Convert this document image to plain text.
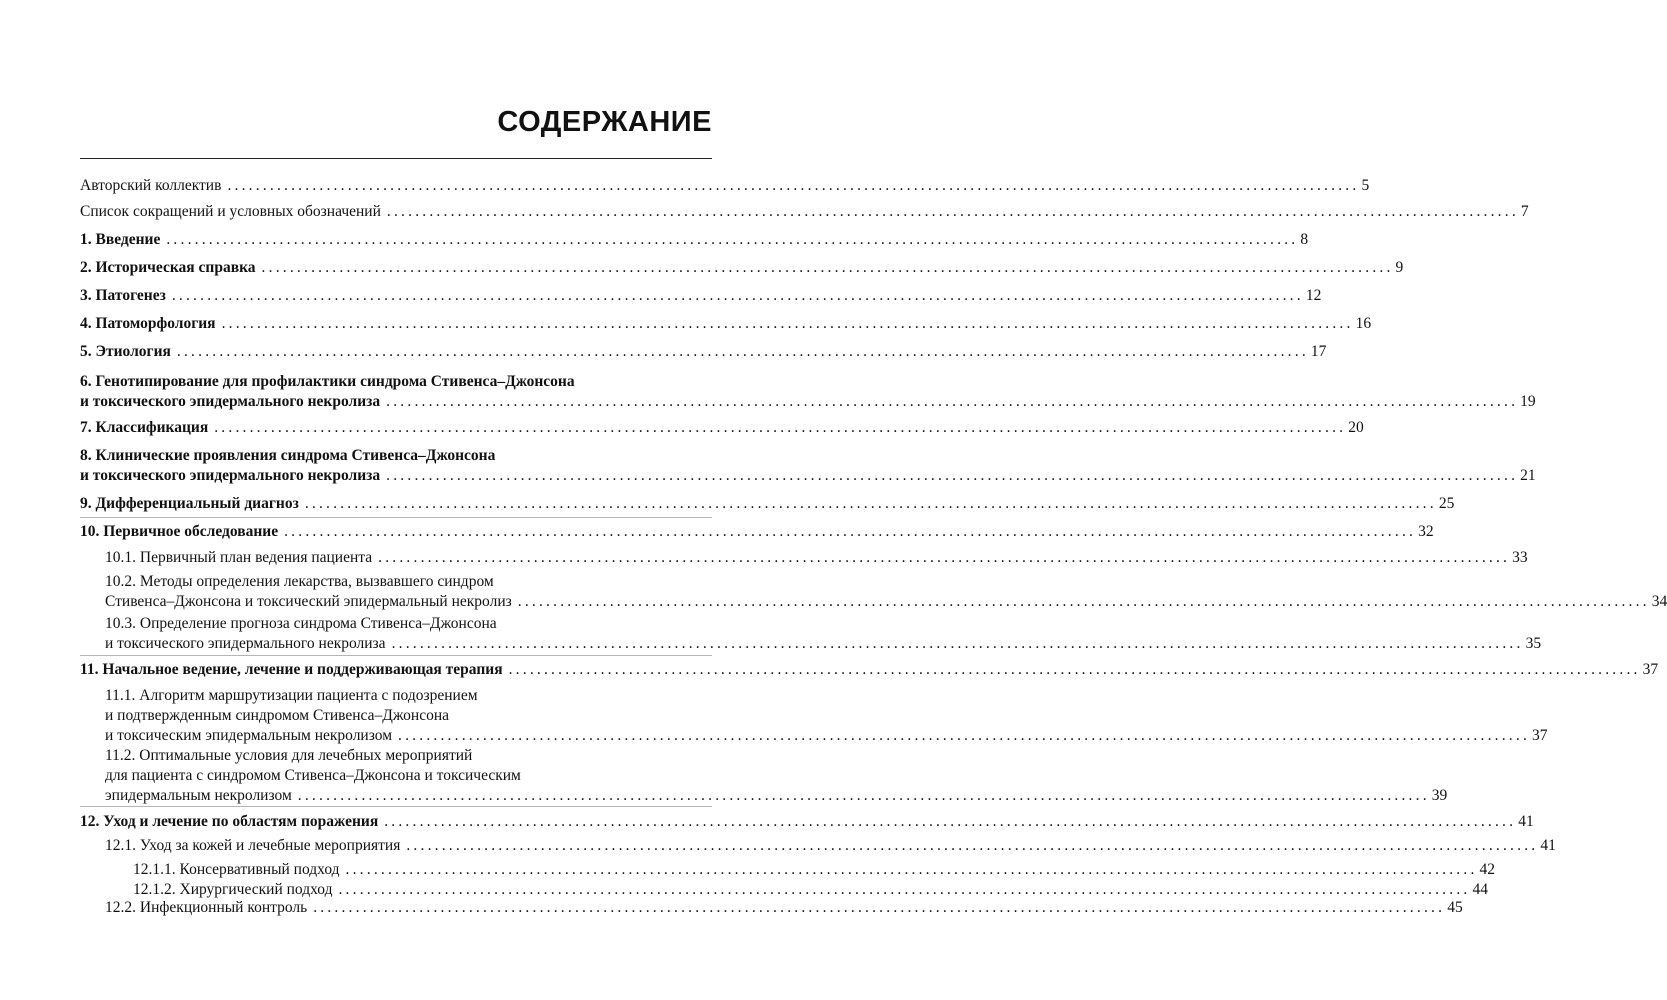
СОДЕРЖАНИЕ
Авторский коллектив ................................................................................................................................................................ 5
Список сокращений и условных обозначений ................................................................................................................................................................ 7
1. Введение ................................................................................................................................................................ 8
2. Историческая справка ................................................................................................................................................................ 9
3. Патогенез ................................................................................................................................................................ 12
4. Патоморфология ................................................................................................................................................................ 16
5. Этиология ................................................................................................................................................................ 17
6. Генотипирование для профилактики синдрома Стивенса–Джонсона
и токсического эпидермального некролиза ................................................................................................................................................................ 19
7. Классификация ................................................................................................................................................................ 20
8. Клинические проявления синдрома Стивенса–Джонсона
и токсического эпидермального некролиза ................................................................................................................................................................ 21
9. Дифференциальный диагноз ................................................................................................................................................................ 25
10. Первичное обследование ................................................................................................................................................................ 32
10.1. Первичный план ведения пациента ................................................................................................................................................................ 33
10.2. Методы определения лекарства, вызвавшего синдром
Стивенса–Джонсона и токсический эпидермальный некролиз ................................................................................................................................................................ 34
10.3. Определение прогноза синдрома Стивенса–Джонсона
и токсического эпидермального некролиза ................................................................................................................................................................ 35
11. Начальное ведение, лечение и поддерживающая терапия ................................................................................................................................................................ 37
11.1. Алгоритм маршрутизации пациента с подозрением
и подтвержденным синдромом Стивенса–Джонсона
и токсическим эпидермальным некролизом ................................................................................................................................................................ 37
11.2. Оптимальные условия для лечебных мероприятий
для пациента с синдромом Стивенса–Джонсона и токсическим
эпидермальным некролизом ................................................................................................................................................................ 39
12. Уход и лечение по областям поражения ................................................................................................................................................................ 41
12.1. Уход за кожей и лечебные мероприятия ................................................................................................................................................................ 41
12.1.1. Консервативный подход ................................................................................................................................................................ 42
12.1.2. Хирургический подход ................................................................................................................................................................ 44
12.2. Инфекционный контроль ................................................................................................................................................................ 45
